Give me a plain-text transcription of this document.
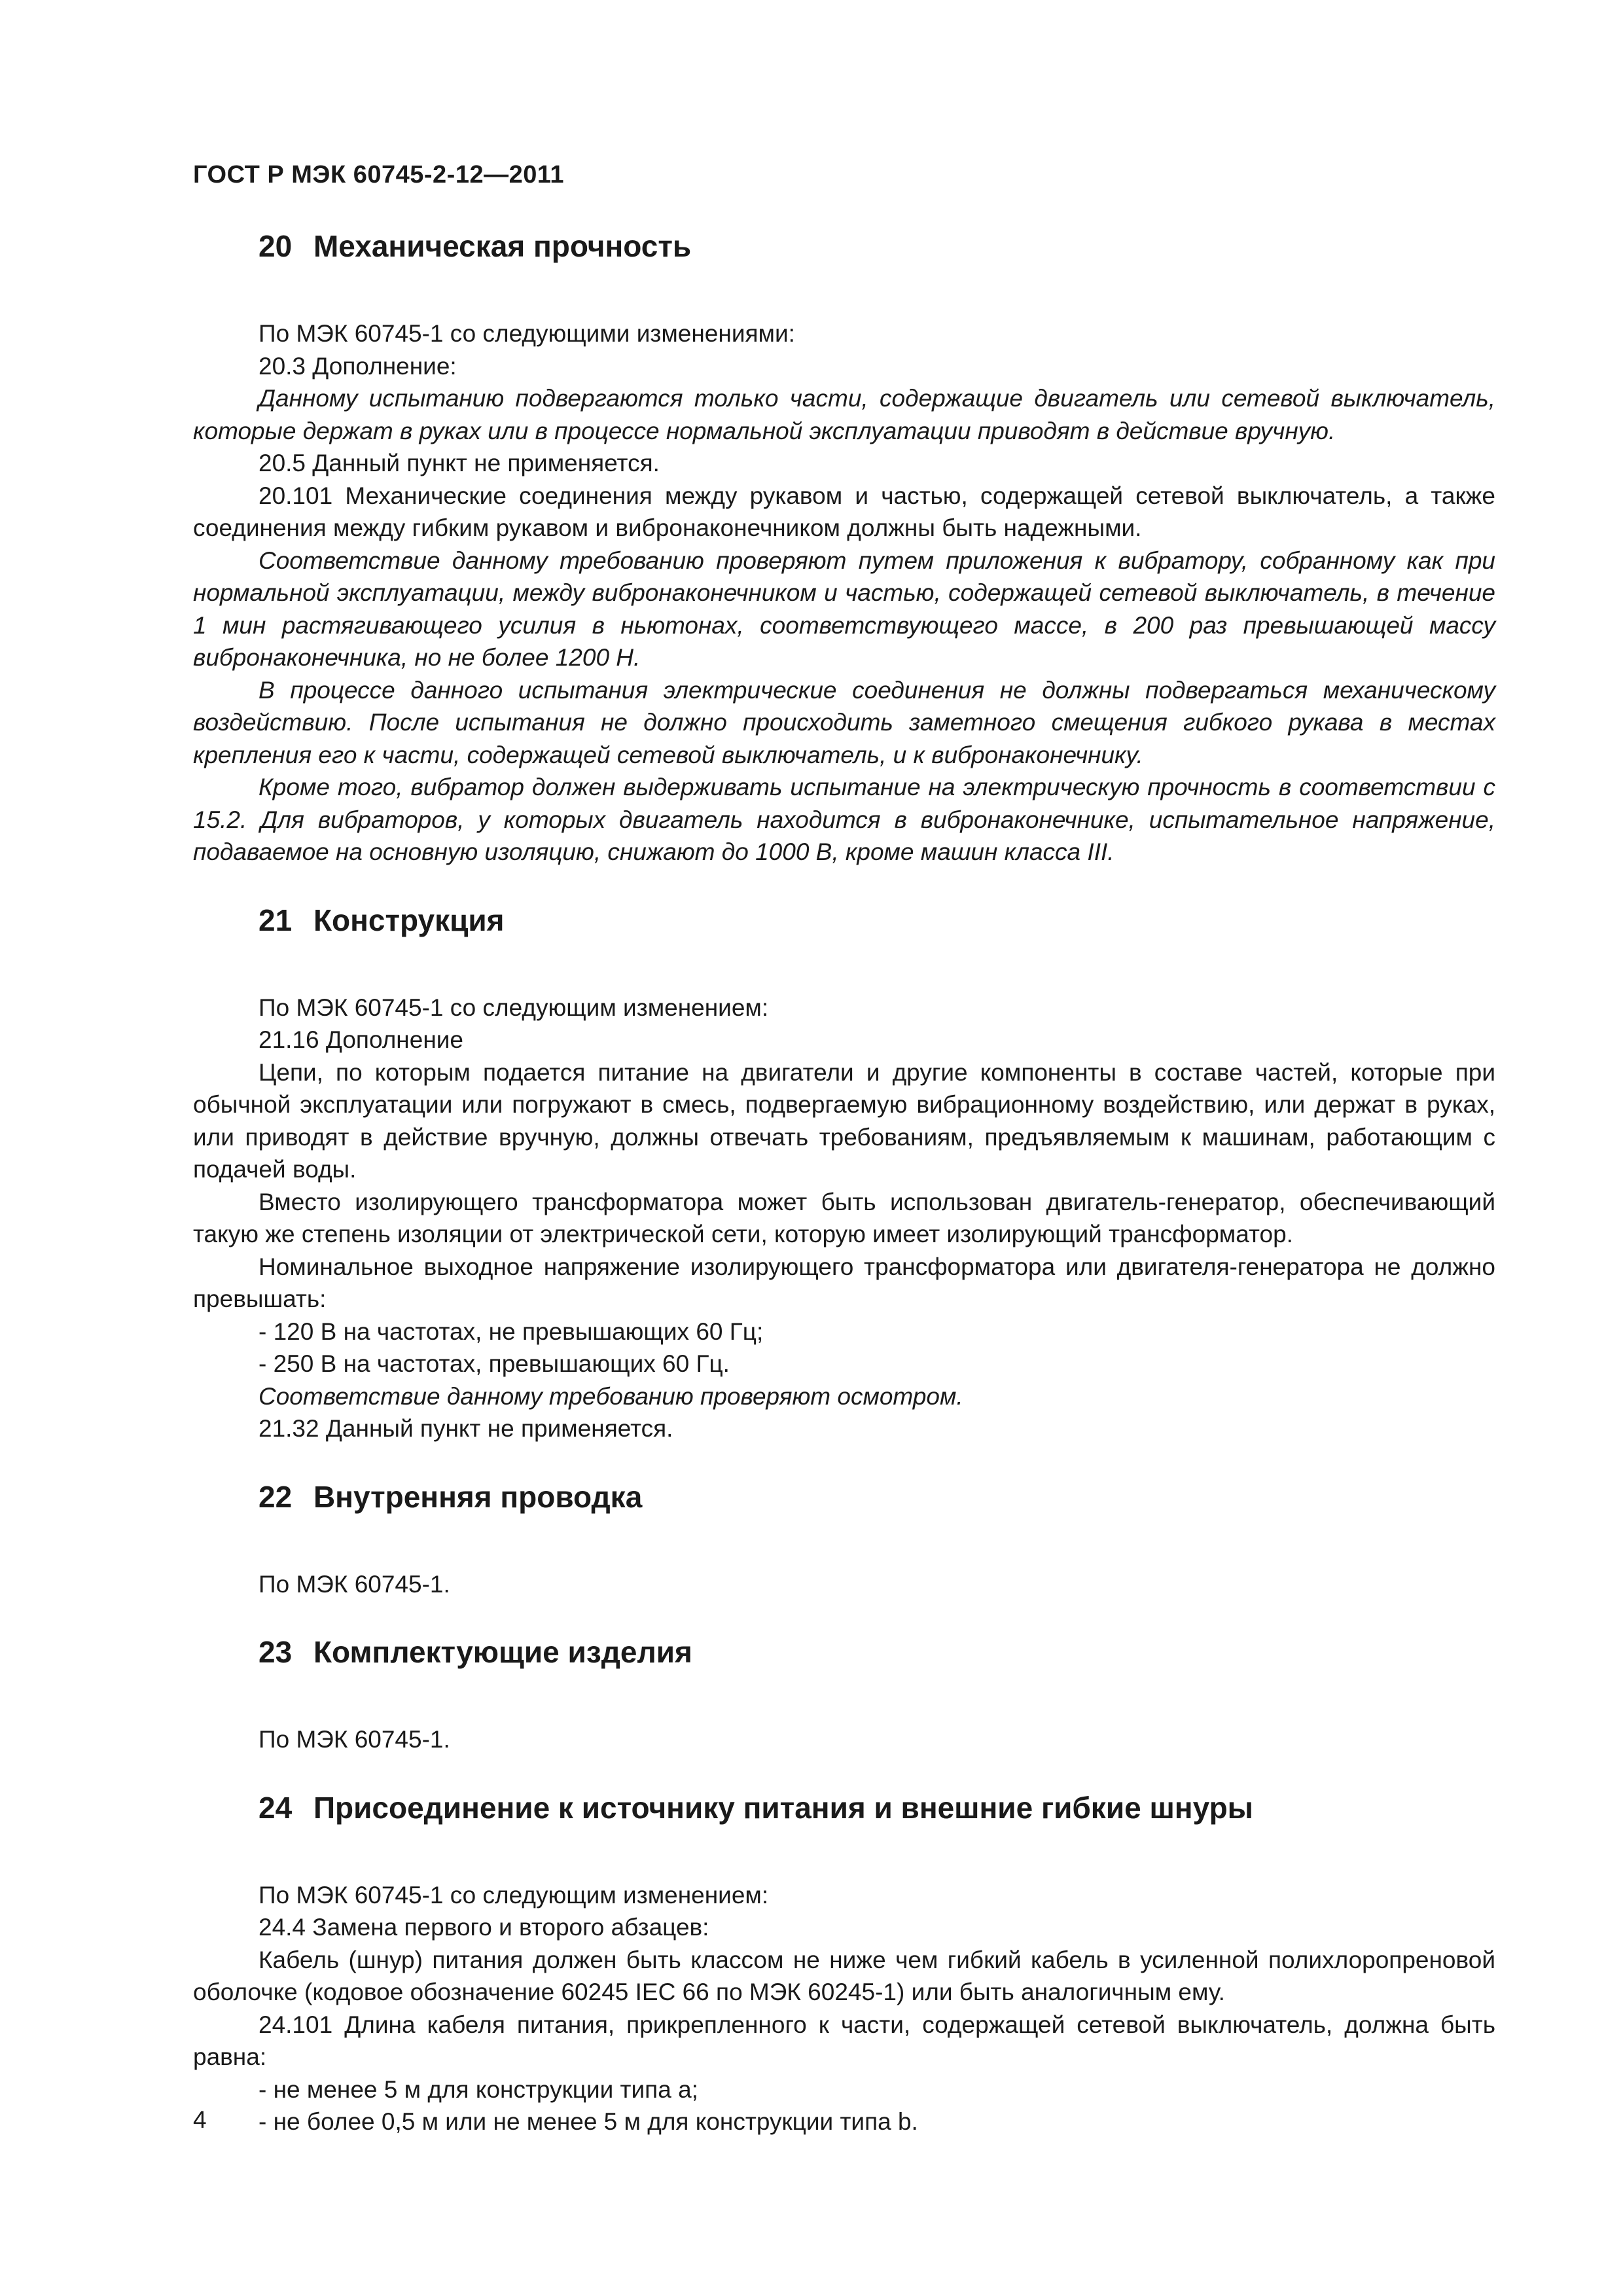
ГОСТ Р МЭК 60745-2-12—2011
20 Механическая прочность

По МЭК 60745-1 со следующими изменениями:

20.3 Дополнение:

Данному испытанию подвергаются только части, содержащие двигатель или сетевой выключатель, которые держат в руках или в процессе нормальной эксплуатации приводят в действие вручную.

20.5 Данный пункт не применяется.

20.101 Механические соединения между рукавом и частью, содержащей сетевой выключатель, а также соединения между гибким рукавом и вибронаконечником должны быть надежными.

Соответствие данному требованию проверяют путем приложения к вибратору, собранному как при нормальной эксплуатации, между вибронаконечником и частью, содержащей сетевой выключатель, в течение 1 мин растягивающего усилия в ньютонах, соответствующего массе, в 200 раз превышающей массу вибронаконечника, но не более 1200 Н.

В процессе данного испытания электрические соединения не должны подвергаться механическому воздействию. После испытания не должно происходить заметного смещения гибкого рукава в местах крепления его к части, содержащей сетевой выключатель, и к вибронаконечнику.

Кроме того, вибратор должен выдерживать испытание на электрическую прочность в соответствии с 15.2. Для вибраторов, у которых двигатель находится в вибронаконечнике, испытательное напряжение, подаваемое на основную изоляцию, снижают до 1000 В, кроме машин класса III.

21 Конструкция

По МЭК 60745-1 со следующим изменением:

21.16 Дополнение

Цепи, по которым подается питание на двигатели и другие компоненты в составе частей, которые при обычной эксплуатации или погружают в смесь, подвергаемую вибрационному воздействию, или держат в руках, или приводят в действие вручную, должны отвечать требованиям, предъявляемым к машинам, работающим с подачей воды.

Вместо изолирующего трансформатора может быть использован двигатель-генератор, обеспечивающий такую же степень изоляции от электрической сети, которую имеет изолирующий трансформатор.

Номинальное выходное напряжение изолирующего трансформатора или двигателя-генератора не должно превышать:

- 120 В на частотах, не превышающих 60 Гц;

- 250 В на частотах, превышающих 60 Гц.

Соответствие данному требованию проверяют осмотром.

21.32 Данный пункт не применяется.

22 Внутренняя проводка

По МЭК 60745-1.

23 Комплектующие изделия

По МЭК 60745-1.

24 Присоединение к источнику питания и внешние гибкие шнуры

По МЭК 60745-1 со следующим изменением:

24.4 Замена первого и второго абзацев:

Кабель (шнур) питания должен быть классом не ниже чем гибкий кабель в усиленной полихлоропреновой оболочке (кодовое обозначение 60245 IEC 66 по МЭК 60245-1) или быть аналогичным ему.

24.101 Длина кабеля питания, прикрепленного к части, содержащей сетевой выключатель, должна быть равна:

- не менее 5 м для конструкции типа a;

- не более 0,5 м или не менее 5 м для конструкции типа b.

4
